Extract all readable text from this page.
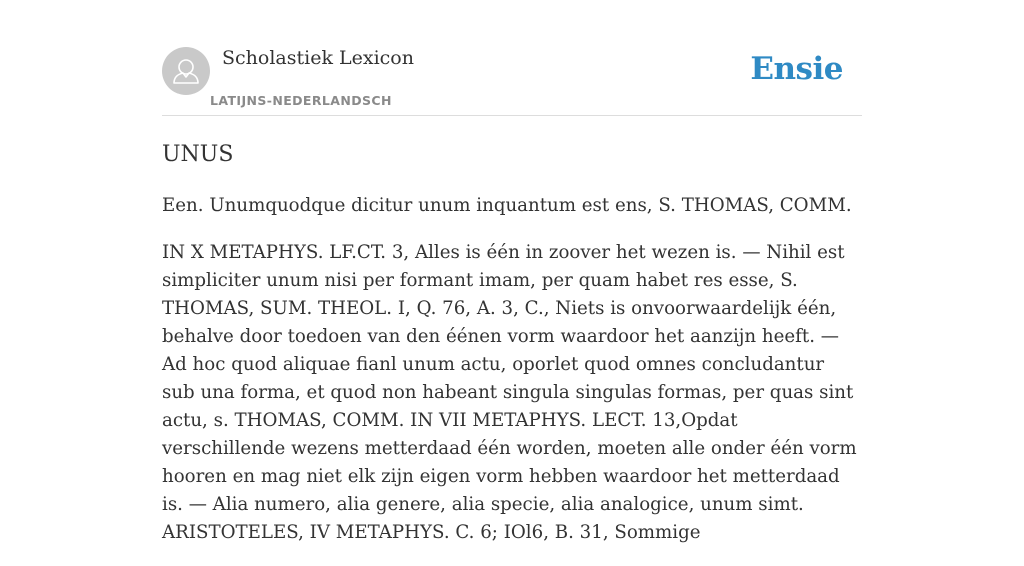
Scholastiek Lexicon
LATIJNS-NEDERLANDSCH
Ensie
UNUS

Een. Unumquodque dicitur unum inquantum est ens, S. THOMAS, COMM.

IN X METAPHYS. LF.CT. 3, Alles is één in zoover het wezen is. — Nihil est simpliciter unum nisi per formant imam, per quam habet res esse, S. THOMAS, SUM. THEOL. I, Q. 76, A. 3, C., Niets is onvoorwaardelijk één, behalve door toedoen van den éénen vorm waardoor het aanzijn heeft. — Ad hoc quod aliquae fianl unum actu, oporlet quod omnes concludantur sub una forma, et quod non habeant singula singulas formas, per quas sint actu, s. THOMAS, COMM. IN VII METAPHYS. LECT. 13,Opdat verschillende wezens metterdaad één worden, moeten alle onder één vorm hooren en mag niet elk zijn eigen vorm hebben waardoor het metterdaad is. — Alia numero, alia genere, alia specie, alia analogice, unum simt. ARISTOTELES, IV METAPHYS. C. 6; IOl6, B. 31, Sommige
